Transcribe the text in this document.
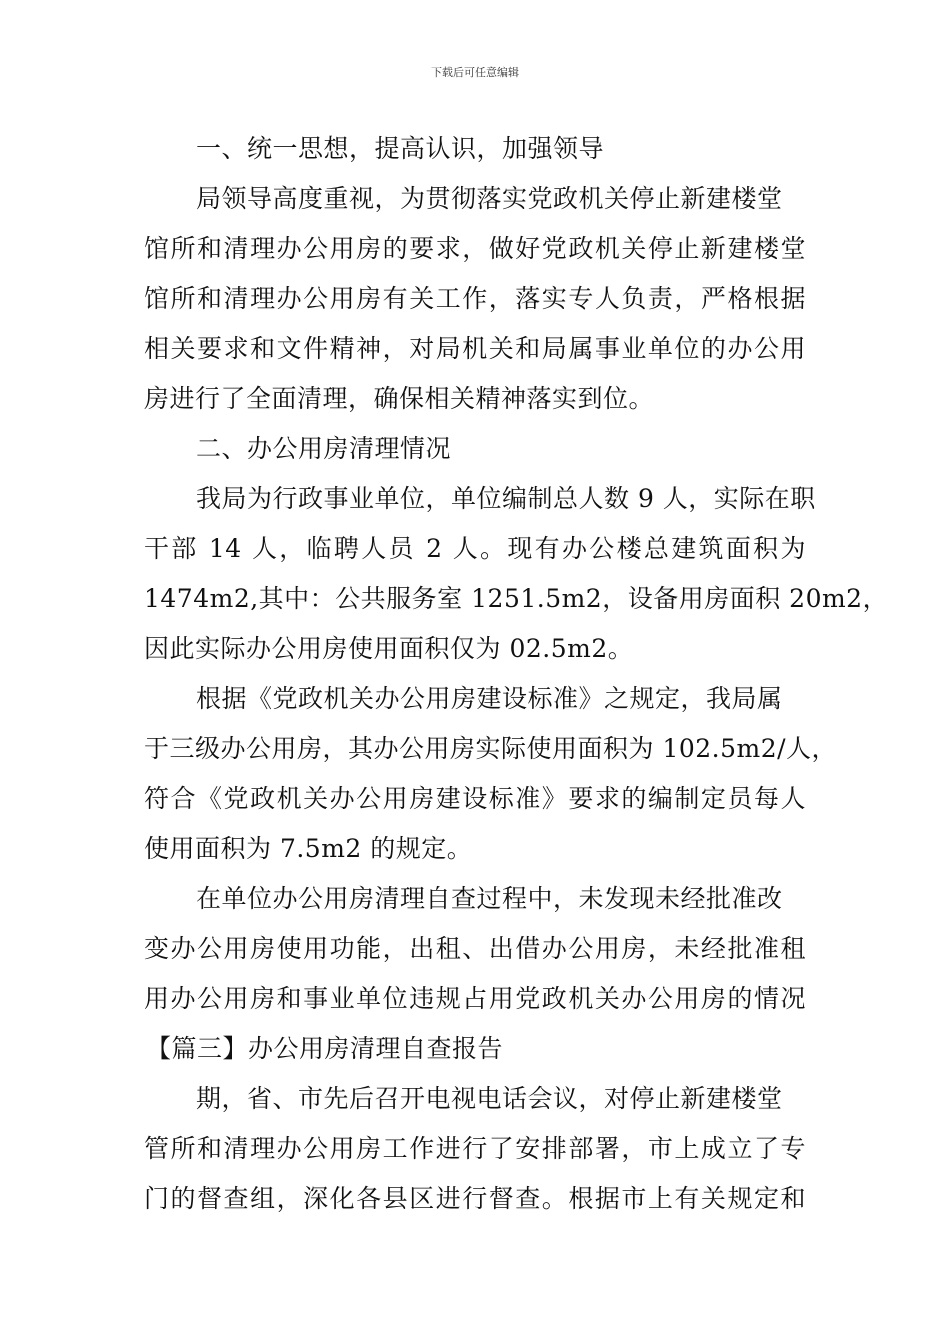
下载后可任意编辑
一、统一思想，提高认识，加强领导
局领导高度重视，为贯彻落实党政机关停止新建楼堂
馆所和清理办公用房的要求，做好党政机关停止新建楼堂
馆所和清理办公用房有关工作，落实专人负责，严格根据
相关要求和文件精神，对局机关和局属事业单位的办公用
房进行了全面清理，确保相关精神落实到位。
二、办公用房清理情况
我局为行政事业单位，单位编制总人数 9 人，实际在职
干部 14 人，临聘人员 2 人。现有办公楼总建筑面积为
1474m2,其中：公共服务室 1251.5m2，设备用房面积 20m2，
因此实际办公用房使用面积仅为 02.5m2。
根据《党政机关办公用房建设标准》之规定，我局属
于三级办公用房，其办公用房实际使用面积为 102.5m2/人，
符合《党政机关办公用房建设标准》要求的编制定员每人
使用面积为 7.5m2 的规定。
在单位办公用房清理自查过程中，未发现未经批准改
变办公用房使用功能，出租、出借办公用房，未经批准租
用办公用房和事业单位违规占用党政机关办公用房的情况
【篇三】办公用房清理自查报告
期，省、市先后召开电视电话会议，对停止新建楼堂
管所和清理办公用房工作进行了安排部署，市上成立了专
门的督查组，深化各县区进行督查。根据市上有关规定和
